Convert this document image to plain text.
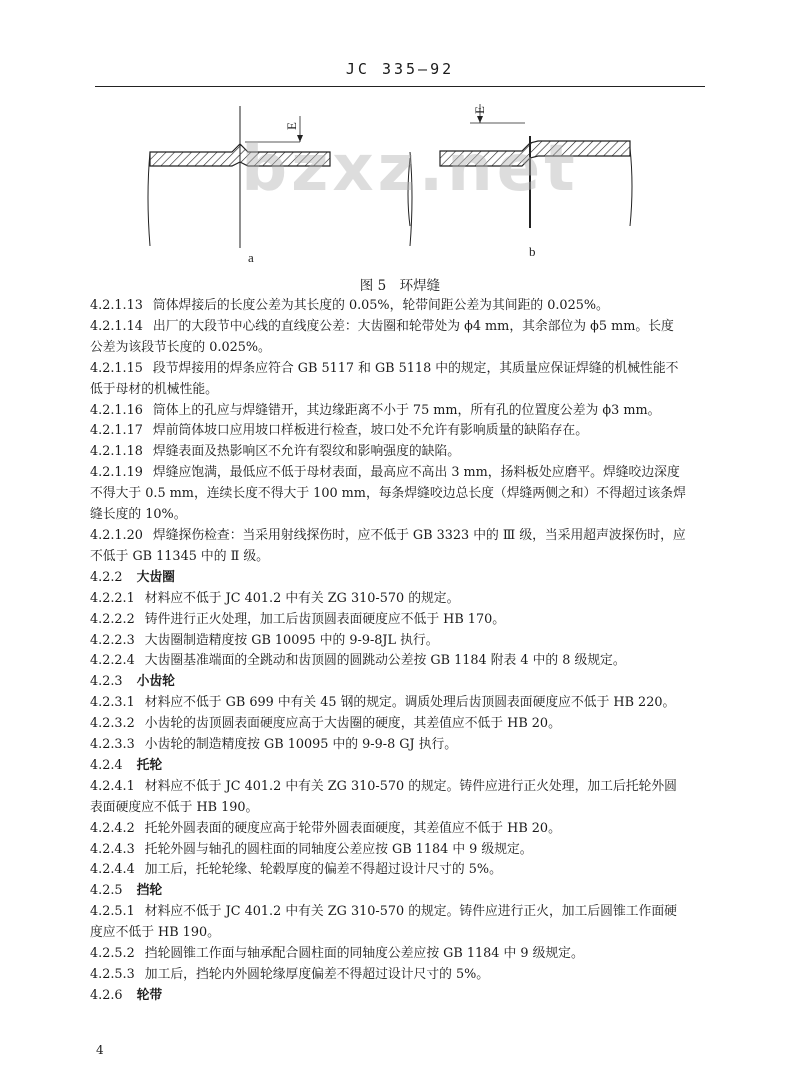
JC 335—92
E
a
E
b
bzxz.net
图 5　环焊缝
4.2.1.13 筒体焊接后的长度公差为其长度的 0.05%，轮带间距公差为其间距的 0.025%。
4.2.1.14 出厂的大段节中心线的直线度公差：大齿圈和轮带处为 ϕ4 mm，其余部位为 ϕ5 mm。长度
公差为该段节长度的 0.025%。
4.2.1.15 段节焊接用的焊条应符合 GB 5117 和 GB 5118 中的规定，其质量应保证焊缝的机械性能不
低于母材的机械性能。
4.2.1.16 筒体上的孔应与焊缝错开，其边缘距离不小于 75 mm，所有孔的位置度公差为 ϕ3 mm。
4.2.1.17 焊前筒体坡口应用坡口样板进行检查，坡口处不允许有影响质量的缺陷存在。
4.2.1.18 焊缝表面及热影响区不允许有裂纹和影响强度的缺陷。
4.2.1.19 焊缝应饱满，最低应不低于母材表面，最高应不高出 3 mm，扬料板处应磨平。焊缝咬边深度
不得大于 0.5 mm，连续长度不得大于 100 mm，每条焊缝咬边总长度（焊缝两侧之和）不得超过该条焊
缝长度的 10%。
4.2.1.20 焊缝探伤检查：当采用射线探伤时，应不低于 GB 3323 中的 Ⅲ 级，当采用超声波探伤时，应
不低于 GB 11345 中的 Ⅱ 级。
4.2.2 大齿圈
4.2.2.1 材料应不低于 JC 401.2 中有关 ZG 310-570 的规定。
4.2.2.2 铸件进行正火处理，加工后齿顶圆表面硬度应不低于 HB 170。
4.2.2.3 大齿圈制造精度按 GB 10095 中的 9-9-8JL 执行。
4.2.2.4 大齿圈基准端面的全跳动和齿顶圆的圆跳动公差按 GB 1184 附表 4 中的 8 级规定。
4.2.3 小齿轮
4.2.3.1 材料应不低于 GB 699 中有关 45 钢的规定。调质处理后齿顶圆表面硬度应不低于 HB 220。
4.2.3.2 小齿轮的齿顶圆表面硬度应高于大齿圈的硬度，其差值应不低于 HB 20。
4.2.3.3 小齿轮的制造精度按 GB 10095 中的 9-9-8 GJ 执行。
4.2.4 托轮
4.2.4.1 材料应不低于 JC 401.2 中有关 ZG 310-570 的规定。铸件应进行正火处理，加工后托轮外圆
表面硬度应不低于 HB 190。
4.2.4.2 托轮外圆表面的硬度应高于轮带外圆表面硬度，其差值应不低于 HB 20。
4.2.4.3 托轮外圆与轴孔的圆柱面的同轴度公差应按 GB 1184 中 9 级规定。
4.2.4.4 加工后，托轮轮缘、轮毂厚度的偏差不得超过设计尺寸的 5%。
4.2.5 挡轮
4.2.5.1 材料应不低于 JC 401.2 中有关 ZG 310-570 的规定。铸件应进行正火，加工后圆锥工作面硬
度应不低于 HB 190。
4.2.5.2 挡轮圆锥工作面与轴承配合圆柱面的同轴度公差应按 GB 1184 中 9 级规定。
4.2.5.3 加工后，挡轮内外圆轮缘厚度偏差不得超过设计尺寸的 5%。
4.2.6 轮带
4
